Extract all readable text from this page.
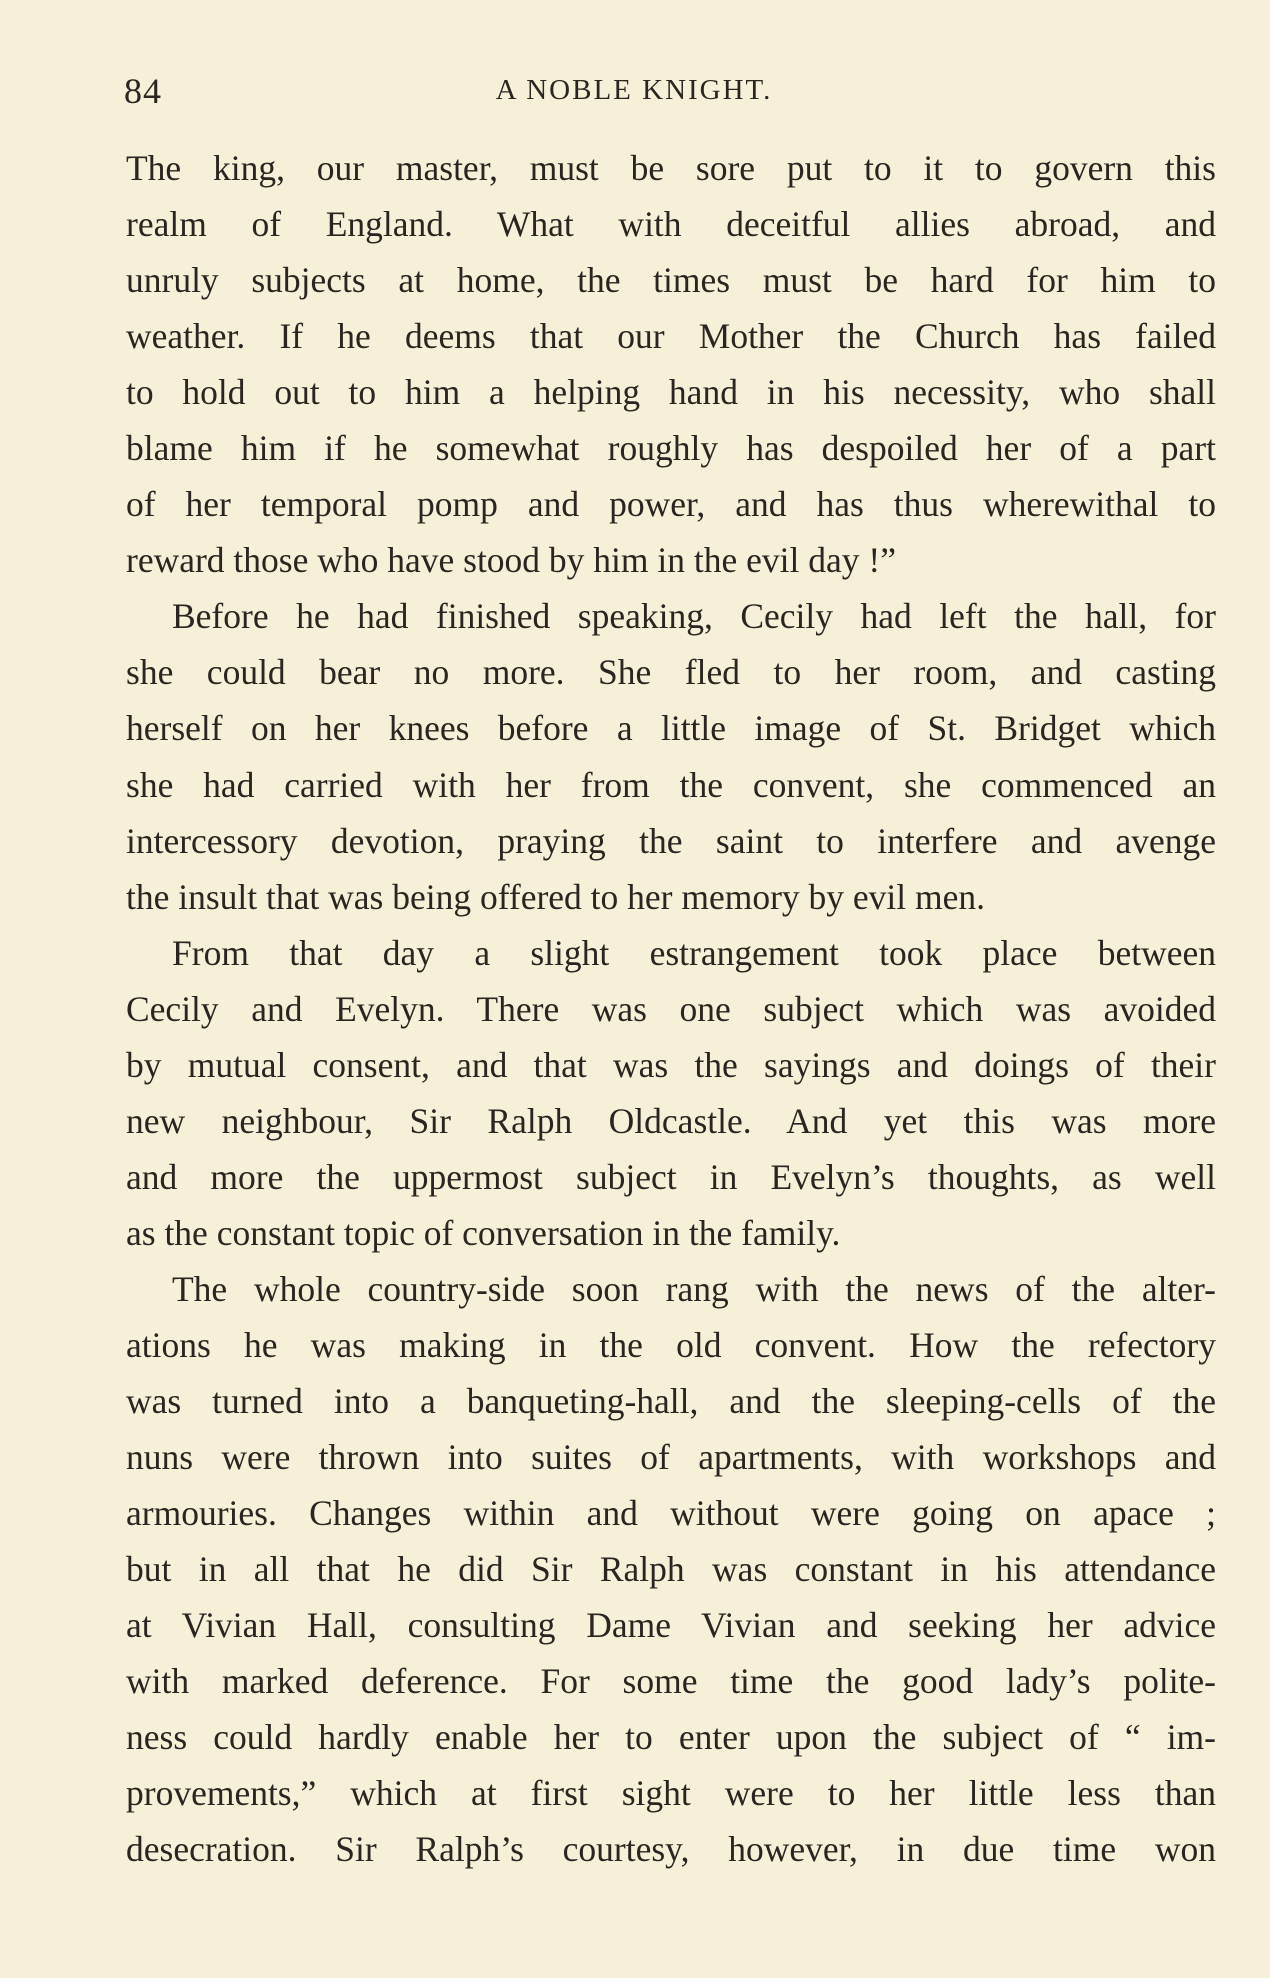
84	A NOBLE KNIGHT.
The king, our master, must be sore put to it to govern this
realm of England. What with deceitful allies abroad, and
unruly subjects at home, the times must be hard for him to
weather. If he deems that our Mother the Church has failed
to hold out to him a helping hand in his necessity, who shall
blame him if he somewhat roughly has despoiled her of a part
of her temporal pomp and power, and has thus wherewithal to
reward those who have stood by him in the evil day !”
Before he had finished speaking, Cecily had left the hall, for
she could bear no more. She fled to her room, and casting
herself on her knees before a little image of St. Bridget which
she had carried with her from the convent, she commenced an
intercessory devotion, praying the saint to interfere and avenge
the insult that was being offered to her memory by evil men.
From that day a slight estrangement took place between
Cecily and Evelyn. There was one subject which was avoided
by mutual consent, and that was the sayings and doings of their
new neighbour, Sir Ralph Oldcastle. And yet this was more
and more the uppermost subject in Evelyn’s thoughts, as well
as the constant topic of conversation in the family.
The whole country-side soon rang with the news of the alter-
ations he was making in the old convent. How the refectory
was turned into a banqueting-hall, and the sleeping-cells of the
nuns were thrown into suites of apartments, with workshops and
armouries. Changes within and without were going on apace ;
but in all that he did Sir Ralph was constant in his attendance
at Vivian Hall, consulting Dame Vivian and seeking her advice
with marked deference. For some time the good lady’s polite-
ness could hardly enable her to enter upon the subject of “ im-
provements,” which at first sight were to her little less than
desecration. Sir Ralph’s courtesy, however, in due time won
